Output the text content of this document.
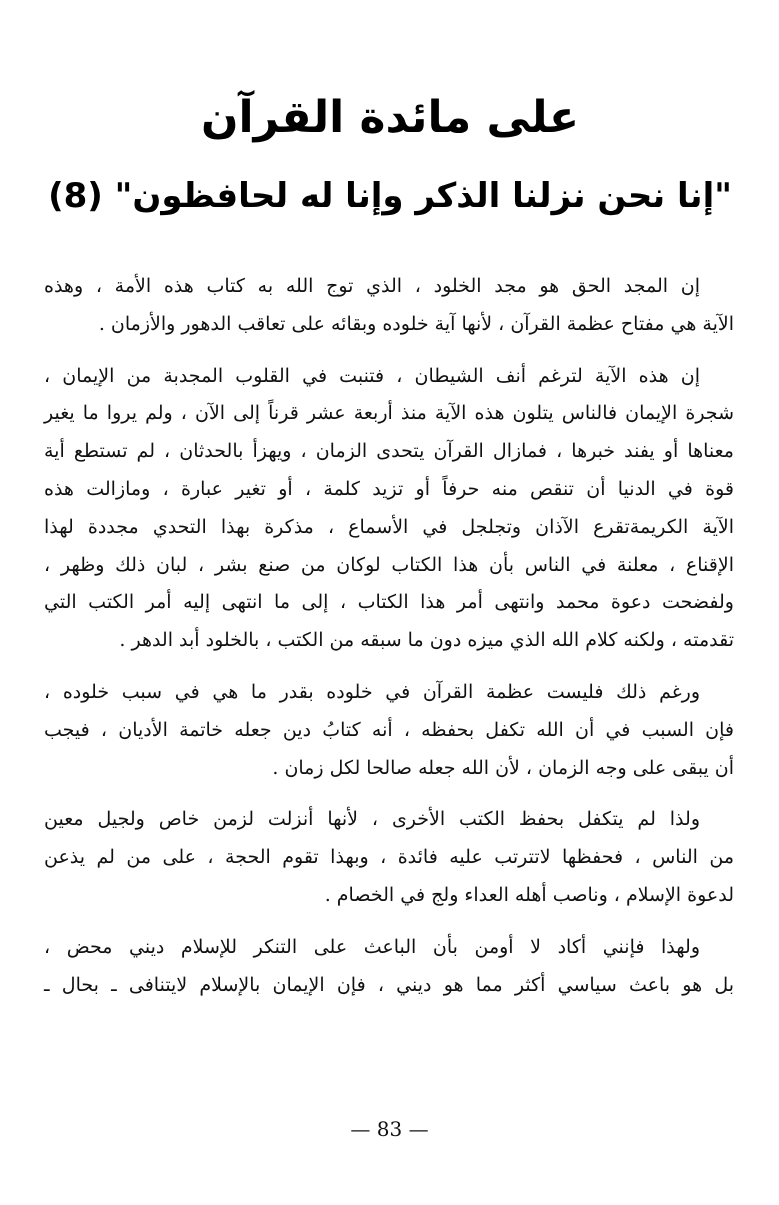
على مائدة القرآن
"إنا نحن نزلنا الذكر وإنا له لحافظون" (8)
إن المجد الحق هو مجد الخلود ، الذي توج الله به كتاب هذه الأمة ، وهذه
الآية هي مفتاح عظمة القرآن ، لأنها آية خلوده وبقائه على تعاقب الدهور والأزمان .
إن هذه الآية لترغم أنف الشيطان ، فتنبت في القلوب المجدبة من الإيمان ،
شجرة الإيمان فالناس يتلون هذه الآية منذ أربعة عشر قرناً إلى الآن ، ولم يروا ما يغير
معناها أو يفند خبرها ، فمازال القرآن يتحدى الزمان ، ويهزأ بالحدثان ، لم تستطع أية
قوة في الدنيا أن تنقص منه حرفاً أو تزيد كلمة ، أو تغير عبارة ، ومازالت هذه
الآية الكريمةتقرع الآذان وتجلجل في الأسماع ، مذكرة بهذا التحدي مجددة لهذا
الإقناع ، معلنة في الناس بأن هذا الكتاب لوكان من صنع بشر ، لبان ذلك وظهر ،
ولفضحت دعوة محمد وانتهى أمر هذا الكتاب ، إلى ما انتهى إليه أمر الكتب التي
تقدمته ، ولكنه كلام الله الذي ميزه دون ما سبقه من الكتب ، بالخلود أبد الدهر .
ورغم ذلك فليست عظمة القرآن في خلوده بقدر ما هي في سبب خلوده ،
فإن السبب في أن الله تكفل بحفظه ، أنه كتابُ دين جعله خاتمة الأديان ، فيجب
أن يبقى على وجه الزمان ، لأن الله جعله صالحا لكل زمان .
ولذا لم يتكفل بحفظ الكتب الأخرى ، لأنها أنزلت لزمن خاص ولجيل معين
من الناس ، فحفظها لاتترتب عليه فائدة ، وبهذا تقوم الحجة ، على من لم يذعن
لدعوة الإسلام ، وناصب أهله العداء ولج في الخصام .
ولهذا فإنني أكاد لا أومن بأن الباعث على التنكر للإسلام ديني محض ،
بل هو باعث سياسي أكثر مما هو ديني ، فإن الإيمان بالإسلام لايتنافى ـ بحال ـ
— 83 —
